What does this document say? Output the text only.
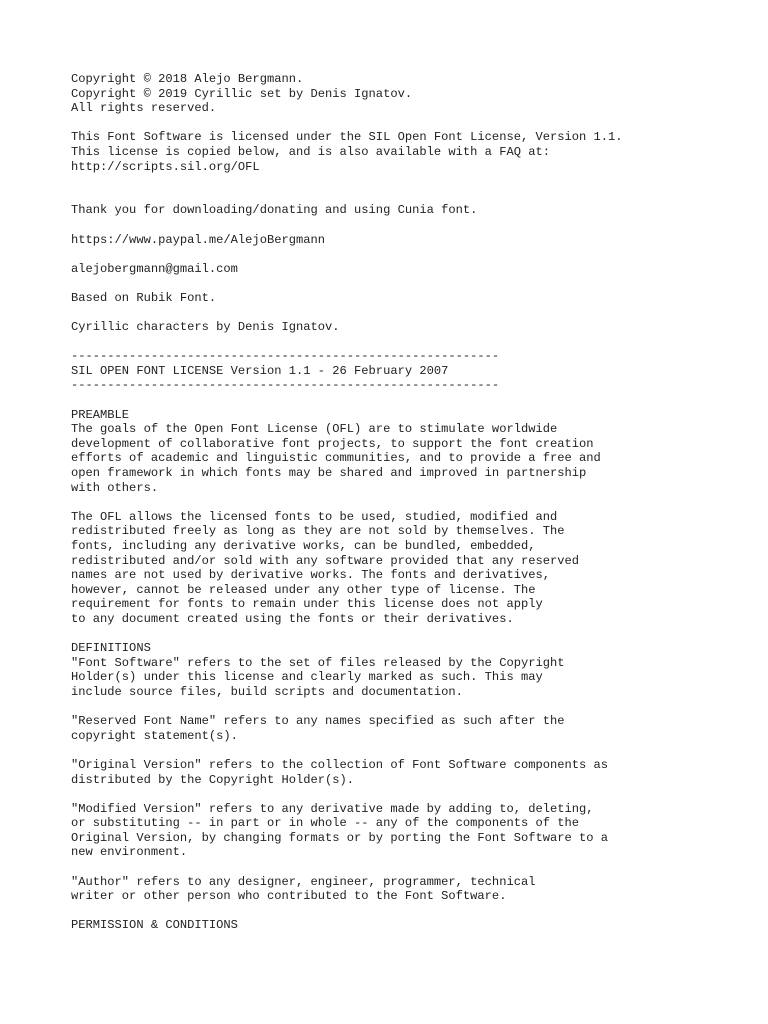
Copyright © 2018 Alejo Bergmann.
Copyright © 2019 Cyrillic set by Denis Ignatov.
All rights reserved.
This Font Software is licensed under the SIL Open Font License, Version 1.1.
This license is copied below, and is also available with a FAQ at:
http://scripts.sil.org/OFL
Thank you for downloading/donating and using Cunia font.
https://www.paypal.me/AlejoBergmann
alejobergmann@gmail.com
Based on Rubik Font.
Cyrillic characters by Denis Ignatov.
-----------------------------------------------------------
SIL OPEN FONT LICENSE Version 1.1 - 26 February 2007
-----------------------------------------------------------
PREAMBLE
The goals of the Open Font License (OFL) are to stimulate worldwide
development of collaborative font projects, to support the font creation
efforts of academic and linguistic communities, and to provide a free and
open framework in which fonts may be shared and improved in partnership
with others.
The OFL allows the licensed fonts to be used, studied, modified and
redistributed freely as long as they are not sold by themselves. The
fonts, including any derivative works, can be bundled, embedded,
redistributed and/or sold with any software provided that any reserved
names are not used by derivative works. The fonts and derivatives,
however, cannot be released under any other type of license. The
requirement for fonts to remain under this license does not apply
to any document created using the fonts or their derivatives.
DEFINITIONS
"Font Software" refers to the set of files released by the Copyright
Holder(s) under this license and clearly marked as such. This may
include source files, build scripts and documentation.
"Reserved Font Name" refers to any names specified as such after the
copyright statement(s).
"Original Version" refers to the collection of Font Software components as
distributed by the Copyright Holder(s).
"Modified Version" refers to any derivative made by adding to, deleting,
or substituting -- in part or in whole -- any of the components of the
Original Version, by changing formats or by porting the Font Software to a
new environment.
"Author" refers to any designer, engineer, programmer, technical
writer or other person who contributed to the Font Software.
PERMISSION & CONDITIONS
